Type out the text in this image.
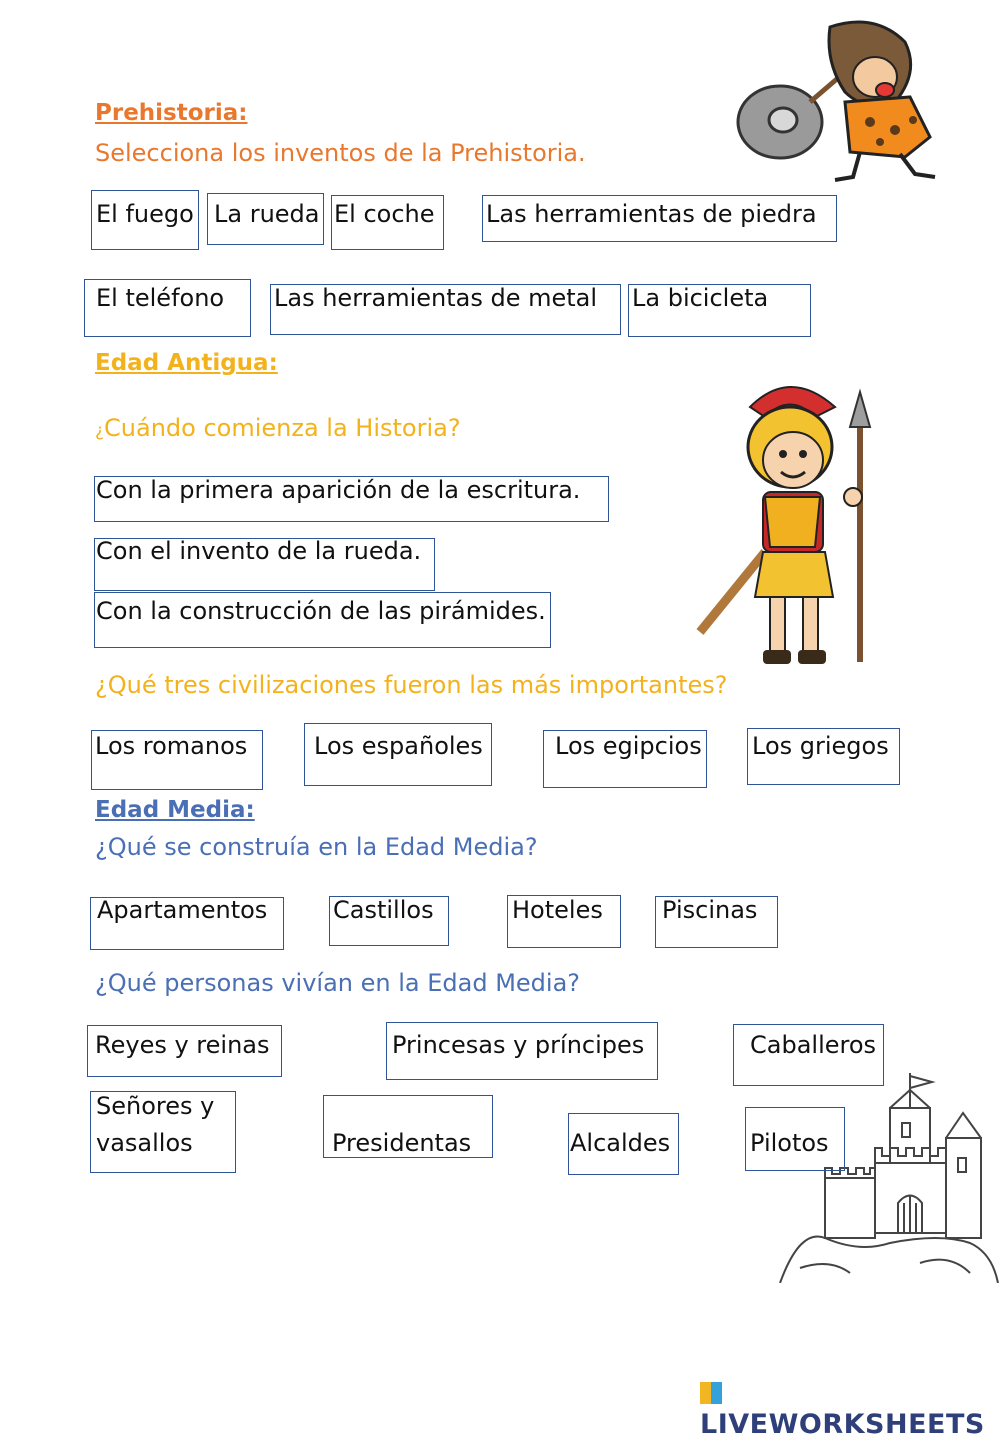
Prehistoria:
Selecciona los inventos de la Prehistoria.
El fuego La rueda El coche Las herramientas de piedra
El teléfono Las herramientas de metal La bicicleta
Edad Antigua:
¿Cuándo comienza la Historia?
Con la primera aparición de la escritura.
Con el invento de la rueda.
Con la construcción de las pirámides.
¿Qué tres civilizaciones fueron las más importantes?
Los romanos	Los españoles	Los egipcios Los griegos
Edad Media:
¿Qué se construía en la Edad Media?
Apartamentos	Castillos	Hoteles Piscinas
¿Qué personas vivían en la Edad Media?
Reyes y reinas	Princesas y príncipes	Caballeros
Señores y
vasallos	Presidentas	Alcaldes	Pilotos
LIVEWORKSHEETS
